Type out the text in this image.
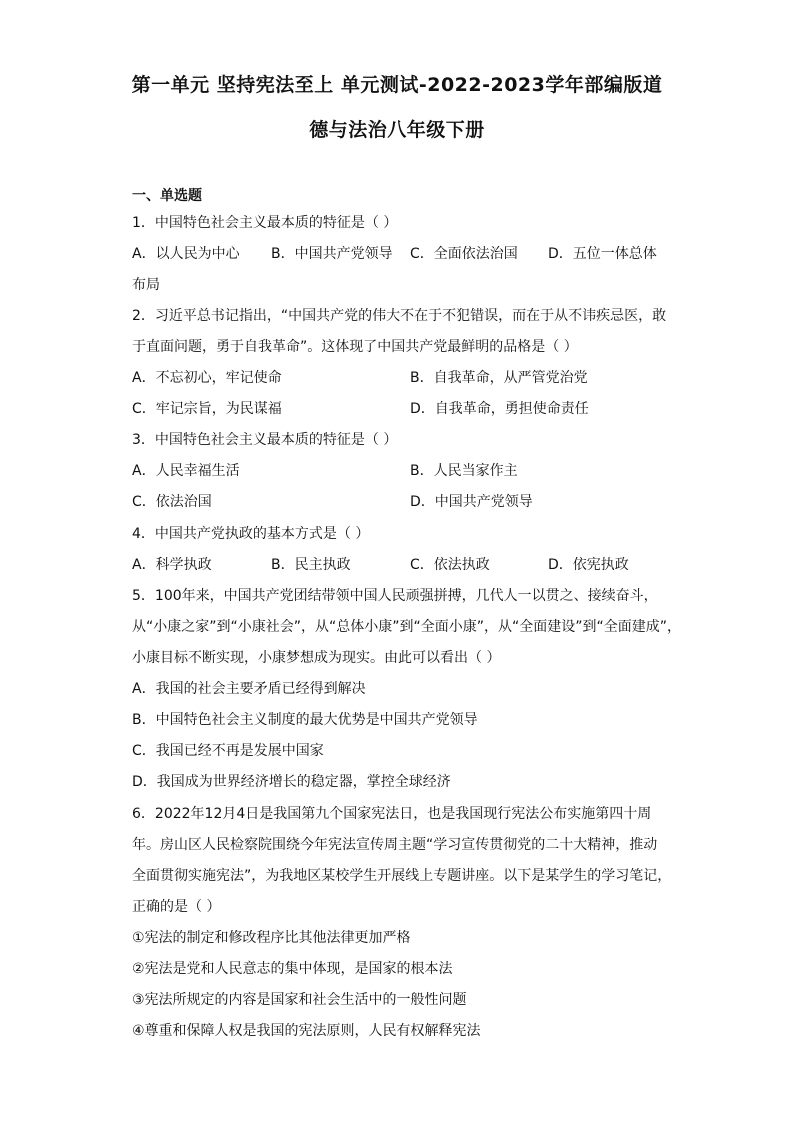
第一单元 坚持宪法至上 单元测试-2022-2023学年部编版道
德与法治八年级下册
一、单选题
1．中国特色社会主义最本质的特征是（ ）
A．以人民为中心 B．中国共产党领导 C．全面依法治国 D．五位一体总体
布局
2．习近平总书记指出，“中国共产党的伟大不在于不犯错误，而在于从不讳疾忌医，敢
于直面问题，勇于自我革命”。这体现了中国共产党最鲜明的品格是（ ）
A．不忘初心，牢记使命	B．自我革命，从严管党治党
C．牢记宗旨，为民谋福	D．自我革命，勇担使命责任
3．中国特色社会主义最本质的特征是（ ）
A．人民幸福生活	B．人民当家作主
C．依法治国	D．中国共产党领导
4．中国共产党执政的基本方式是（ ）
A．科学执政	B．民主执政	C．依法执政	D．依宪执政
5．100年来，中国共产党团结带领中国人民顽强拼搏，几代人一以贯之、接续奋斗，
从“小康之家”到“小康社会”，从“总体小康”到“全面小康”，从“全面建设”到“全面建成”，
小康目标不断实现，小康梦想成为现实。由此可以看出（ ）
A．我国的社会主要矛盾已经得到解决
B．中国特色社会主义制度的最大优势是中国共产党领导
C．我国已经不再是发展中国家
D．我国成为世界经济增长的稳定器，掌控全球经济
6．2022年12月4日是我国第九个国家宪法日，也是我国现行宪法公布实施第四十周
年。房山区人民检察院围绕今年宪法宣传周主题“学习宣传贯彻党的二十大精神，推动
全面贯彻实施宪法”，为我地区某校学生开展线上专题讲座。以下是某学生的学习笔记，
正确的是（ ）
①宪法的制定和修改程序比其他法律更加严格
②宪法是党和人民意志的集中体现，是国家的根本法
③宪法所规定的内容是国家和社会生活中的一般性问题
④尊重和保障人权是我国的宪法原则，人民有权解释宪法
